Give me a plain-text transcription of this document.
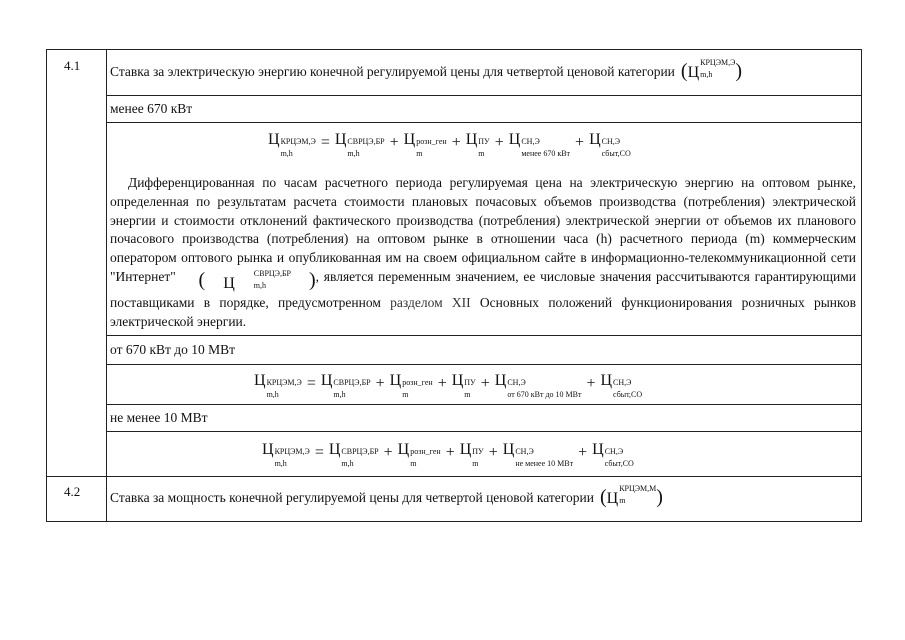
4.1 Ставка за электрическую энергию конечной регулируемой цены для четвертой ценовой категории ( Ц
КРЦЭМ,Э
m,h	)
менее 670 кВт
Ц КРЦЭМ,Э
m,h
= Ц СВРЦЭ,БР
m,h
+ Ц розн_ген
m
+ Ц ПУ
m
+ Ц СН,Э
менее 670 кВт
+ Ц СН,Э
сбыт,СО

Дифференцированная по часам расчетного периода регулируемая цена на электрическую энергию на оптовом рынке, определенная по результатам расчета стоимости плановых почасовых объемов производства (потребления) электрической энергии и стоимости отклонений фактического производства (потребления) электрической энергии от объемов их планового почасового производства (потребления) на оптовом рынке в отношении часа (h) расчетного периода (m) коммерческим оператором оптового рынка и опубликованная им на своем официальном сайте в информационно-телекоммуникационной сети "Интернет"	(	Ц
СВРЦЭ,БР
m,h	) , является переменным значением, ее числовые значения рассчитываются гарантирующими поставщиками в порядке, предусмотренном разделом XII Основных положений функционирования розничных рынков электрической энергии.

от 670 кВт до 10 МВт
Ц КРЦЭМ,Э
m,h
= Ц СВРЦЭ,БР
m,h
+ Ц розн_ген
m
+ Ц ПУ
m
+ Ц СН,Э
от 670 кВт до 10 МВт
+ Ц СН,Э
сбыт,СО
не менее 10 МВт
Ц КРЦЭМ,Э
m,h
= Ц СВРЦЭ,БР
m,h
+ Ц розн_ген
m
+ Ц ПУ
m
+ Ц СН,Э
не менее 10 МВт
+ Ц СН,Э
сбыт,СО
4.2 Ставка за мощность конечной регулируемой цены для четвертой ценовой категории ( Ц
КРЦЭМ,М
m	)
